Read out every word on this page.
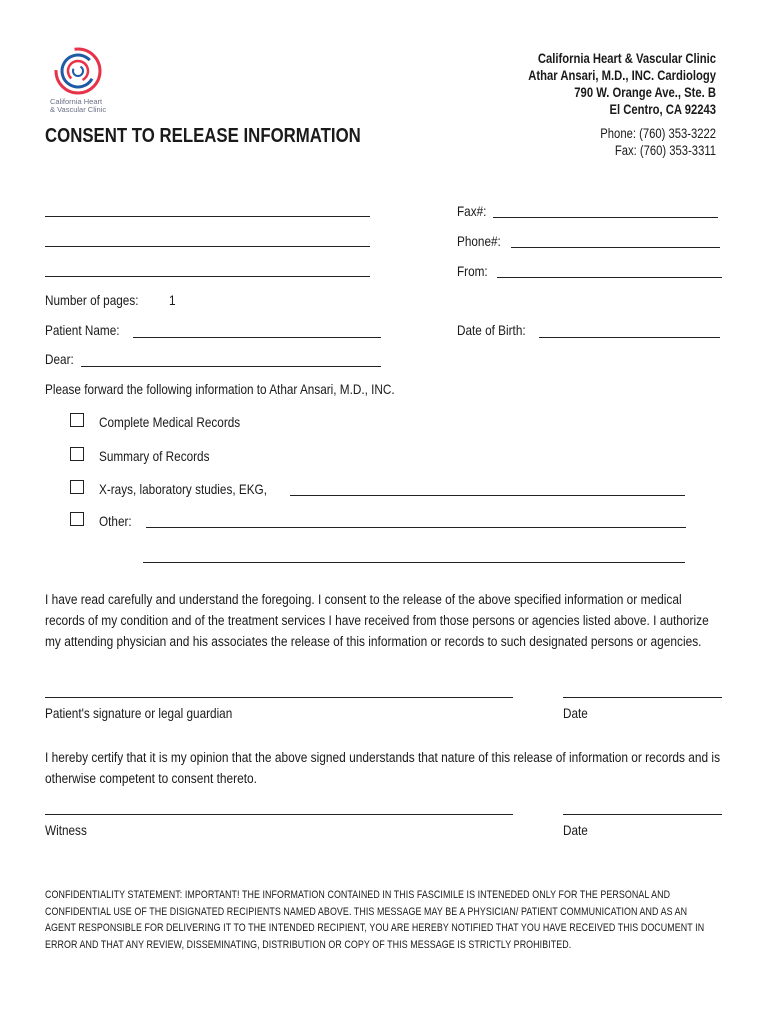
California Heart
& Vascular Clinic
California Heart & Vascular Clinic
Athar Ansari, M.D., INC. Cardiology
790 W. Orange Ave., Ste. B
El Centro, CA 92243
Phone: (760) 353-3222
Fax: (760) 353-3311
CONSENT TO RELEASE INFORMATION
Fax#:
Phone#:
From:
Number of pages: 1
Patient Name:	Date of Birth:
Dear:
Please forward the following information to Athar Ansari, M.D., INC.
Complete Medical Records
Summary of Records
X-rays, laboratory studies, EKG,
Other:
I have read carefully and understand the foregoing. I consent to the release of the above specified information or medical records of my condition and of the treatment services I have received from those persons or agencies listed above. I authorize my attending physician and his associates the release of this information or records to such designated persons or agencies.
Patient's signature or legal guardian	Date
I hereby certify that it is my opinion that the above signed understands that nature of this release of information or records and is otherwise competent to consent thereto.
Witness	Date
CONFIDENTIALITY STATEMENT: IMPORTANT! THE INFORMATION CONTAINED IN THIS FASCIMILE IS INTENEDED ONLY FOR THE PERSONAL AND CONFIDENTIAL USE OF THE DISIGNATED RECIPIENTS NAMED ABOVE. THIS MESSAGE MAY BE A PHYSICIAN/ PATIENT COMMUNICATION AND AS AN AGENT RESPONSIBLE FOR DELIVERING IT TO THE INTENDED RECIPIENT, YOU ARE HEREBY NOTIFIED THAT YOU HAVE RECEIVED THIS DOCUMENT IN ERROR AND THAT ANY REVIEW, DISSEMINATING, DISTRIBUTION OR COPY OF THIS MESSAGE IS STRICTLY PROHIBITED.
